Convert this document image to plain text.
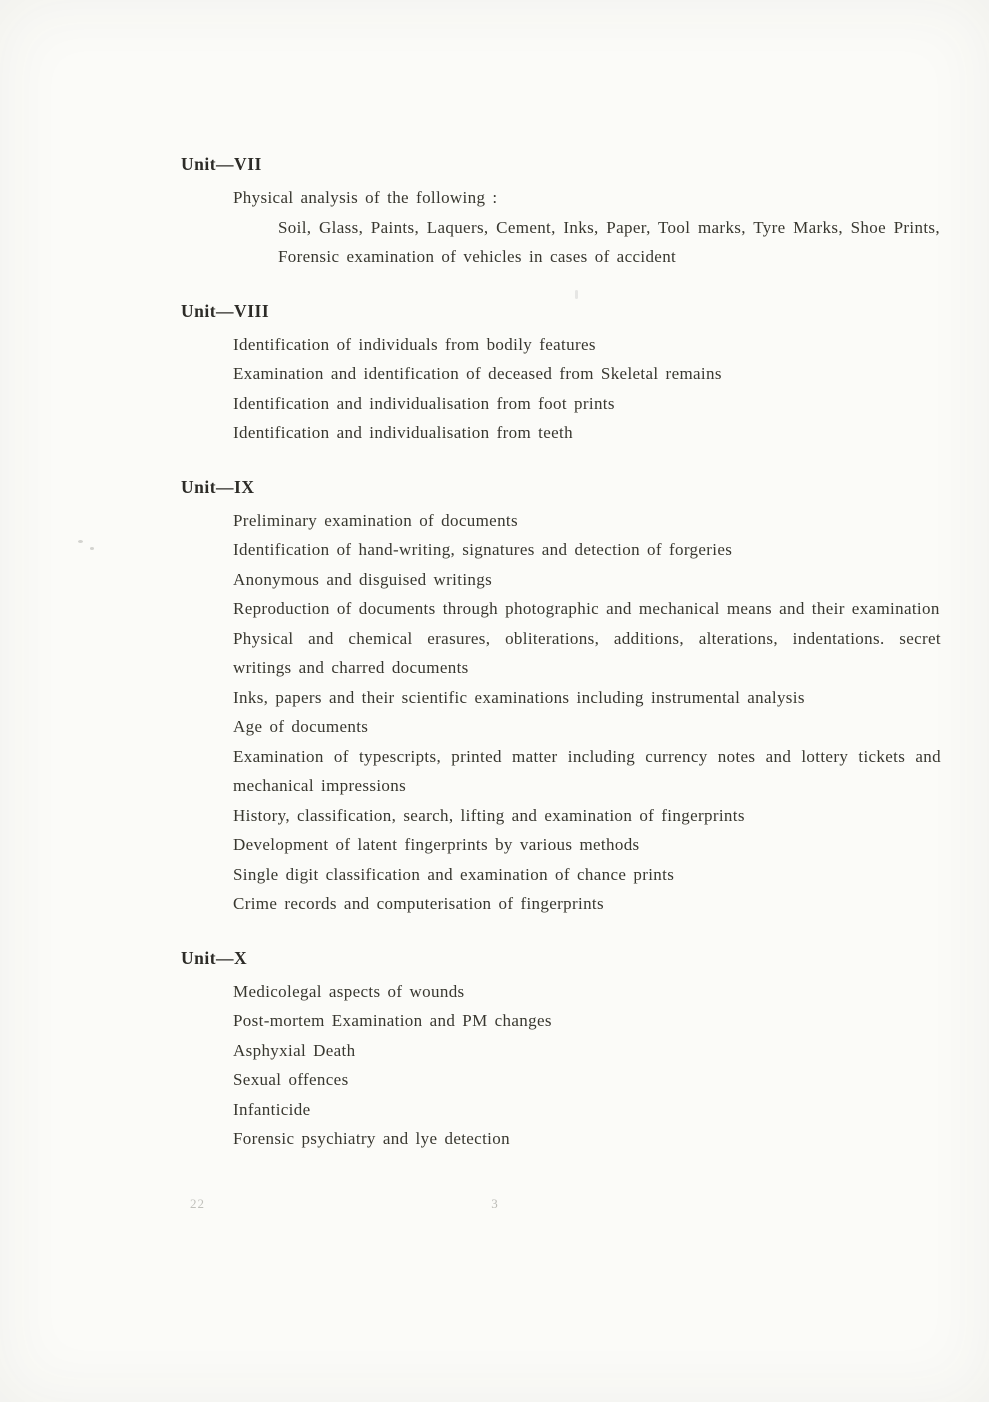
Unit—VII

Physical analysis of the following :

Soil, Glass, Paints, Laquers, Cement, Inks, Paper, Tool marks, Tyre Marks, Shoe Prints, Forensic examination of vehicles in cases of accident

Unit—VIII

Identification of individuals from bodily features

Examination and identification of deceased from Skeletal remains

Identification and individualisation from foot prints

Identification and individualisation from teeth

Unit—IX

Preliminary examination of documents

Identification of hand-writing, signatures and detection of forgeries

Anonymous and disguised writings

Reproduction of documents through photographic and mechanical means and their examination

Physical and chemical erasures, obliterations, additions, alterations, indentations. secret writings and charred documents

Inks, papers and their scientific examinations including instrumental analysis

Age of documents

Examination of typescripts, printed matter including currency notes and lottery tickets and mechanical impressions

History, classification, search, lifting and examination of fingerprints

Development of latent fingerprints by various methods

Single digit classification and examination of chance prints

Crime records and computerisation of fingerprints

Unit—X

Medicolegal aspects of wounds

Post-mortem Examination and PM changes

Asphyxial Death

Sexual offences

Infanticide

Forensic psychiatry and lye detection

22	3
